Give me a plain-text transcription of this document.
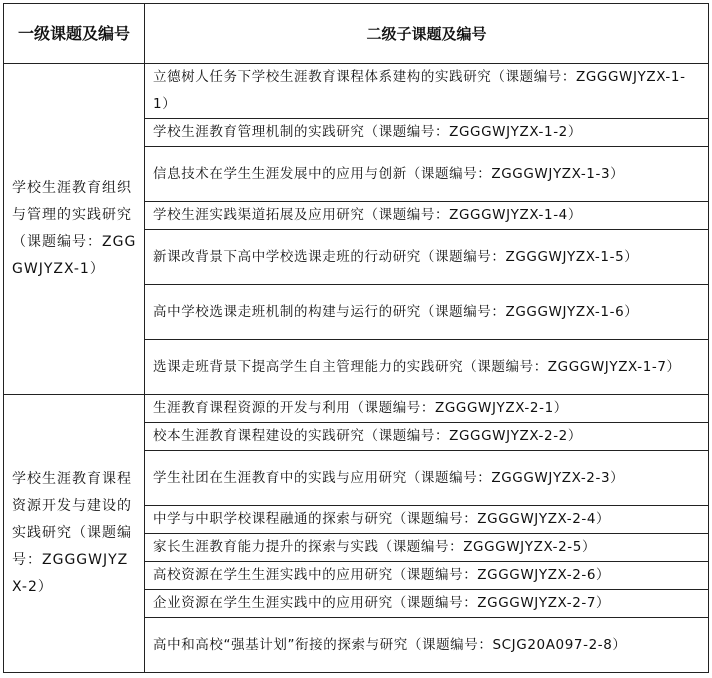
一级课题及编号	二级子课题及编号
学校生涯教育组织与管理的实践研究（课题编号：ZGGGWJYZX-1）	立德树人任务下学校生涯教育课程体系建构的实践研究（课题编号：ZGGGWJYZX-1-1）
	学校生涯教育管理机制的实践研究（课题编号：ZGGGWJYZX-1-2）
	信息技术在学生生涯发展中的应用与创新（课题编号：ZGGGWJYZX-1-3）
	学校生涯实践渠道拓展及应用研究（课题编号：ZGGGWJYZX-1-4）
	新课改背景下高中学校选课走班的行动研究（课题编号：ZGGGWJYZX-1-5）
	高中学校选课走班机制的构建与运行的研究（课题编号：ZGGGWJYZX-1-6）
	选课走班背景下提高学生自主管理能力的实践研究（课题编号：ZGGGWJYZX-1-7）
学校生涯教育课程资源开发与建设的实践研究（课题编号：ZGGGWJYZX-2）	生涯教育课程资源的开发与利用（课题编号：ZGGGWJYZX-2-1）
	校本生涯教育课程建设的实践研究（课题编号：ZGGGWJYZX-2-2）
	学生社团在生涯教育中的实践与应用研究（课题编号：ZGGGWJYZX-2-3）
	中学与中职学校课程融通的探索与研究（课题编号：ZGGGWJYZX-2-4）
	家长生涯教育能力提升的探索与实践（课题编号：ZGGGWJYZX-2-5）
	高校资源在学生生涯实践中的应用研究（课题编号：ZGGGWJYZX-2-6）
	企业资源在学生生涯实践中的应用研究（课题编号：ZGGGWJYZX-2-7）
	高中和高校“强基计划”衔接的探索与研究（课题编号：SCJG20A097-2-8）
